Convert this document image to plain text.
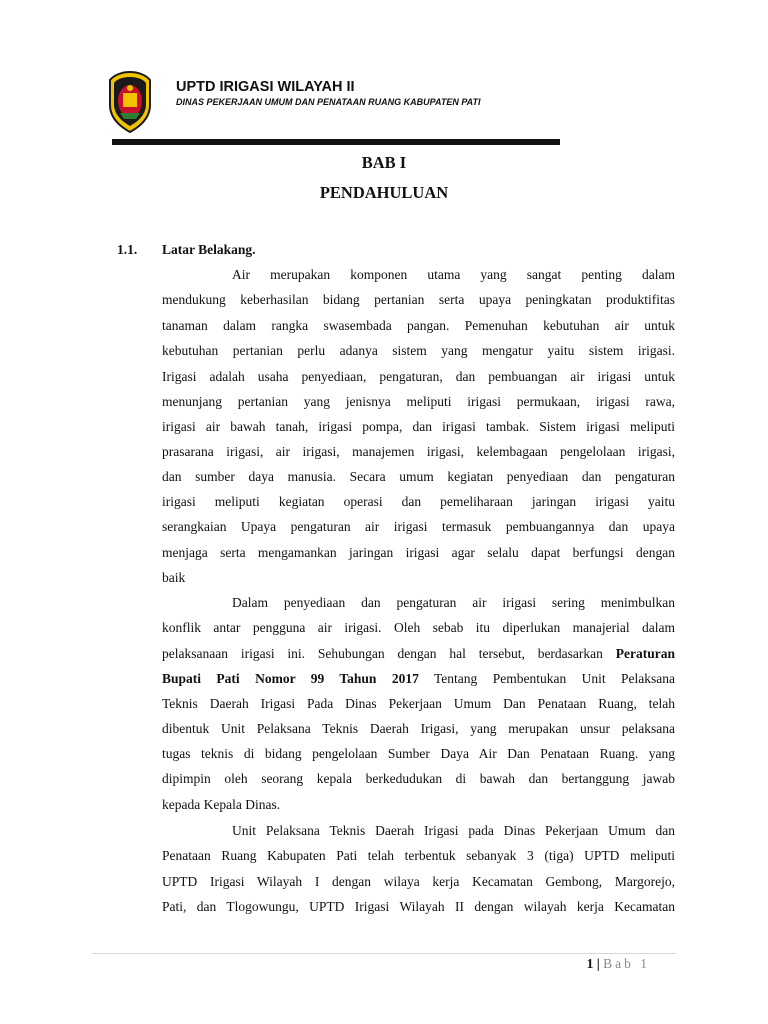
UPTD IRIGASI WILAYAH II
DINAS PEKERJAAN UMUM DAN PENATAAN RUANG KABUPATEN PATI
BAB I
PENDAHULUAN
1.1. Latar Belakang.
Air merupakan komponen utama yang sangat penting dalam
mendukung keberhasilan bidang pertanian serta upaya peningkatan produktifitas
tanaman dalam rangka swasembada pangan. Pemenuhan kebutuhan air untuk
kebutuhan pertanian perlu adanya sistem yang mengatur yaitu sistem irigasi.
Irigasi adalah usaha penyediaan, pengaturan, dan pembuangan air irigasi untuk
menunjang pertanian yang jenisnya meliputi irigasi permukaan, irigasi rawa,
irigasi air bawah tanah, irigasi pompa, dan irigasi tambak. Sistem irigasi meliputi
prasarana irigasi, air irigasi, manajemen irigasi, kelembagaan pengelolaan irigasi,
dan sumber daya manusia. Secara umum kegiatan penyediaan dan pengaturan
irigasi meliputi kegiatan operasi dan pemeliharaan jaringan irigasi yaitu
serangkaian Upaya pengaturan air irigasi termasuk pembuangannya dan upaya
menjaga serta mengamankan jaringan irigasi agar selalu dapat berfungsi dengan
baik
Dalam penyediaan dan pengaturan air irigasi sering menimbulkan
konflik antar pengguna air irigasi. Oleh sebab itu diperlukan manajerial dalam
pelaksanaan irigasi ini. Sehubungan dengan hal tersebut, berdasarkan Peraturan
Bupati Pati Nomor 99 Tahun 2017 Tentang Pembentukan Unit Pelaksana
Teknis Daerah Irigasi Pada Dinas Pekerjaan Umum Dan Penataan Ruang, telah
dibentuk Unit Pelaksana Teknis Daerah Irigasi, yang merupakan unsur pelaksana
tugas teknis di bidang pengelolaan Sumber Daya Air Dan Penataan Ruang. yang
dipimpin oleh seorang kepala berkedudukan di bawah dan bertanggung jawab
kepada Kepala Dinas.
Unit Pelaksana Teknis Daerah Irigasi pada Dinas Pekerjaan Umum dan
Penataan Ruang Kabupaten Pati telah terbentuk sebanyak 3 (tiga) UPTD meliputi
UPTD Irigasi Wilayah I dengan wilaya kerja Kecamatan Gembong, Margorejo,
Pati, dan Tlogowungu, UPTD Irigasi Wilayah II dengan wilayah kerja Kecamatan
1 | Bab 1
